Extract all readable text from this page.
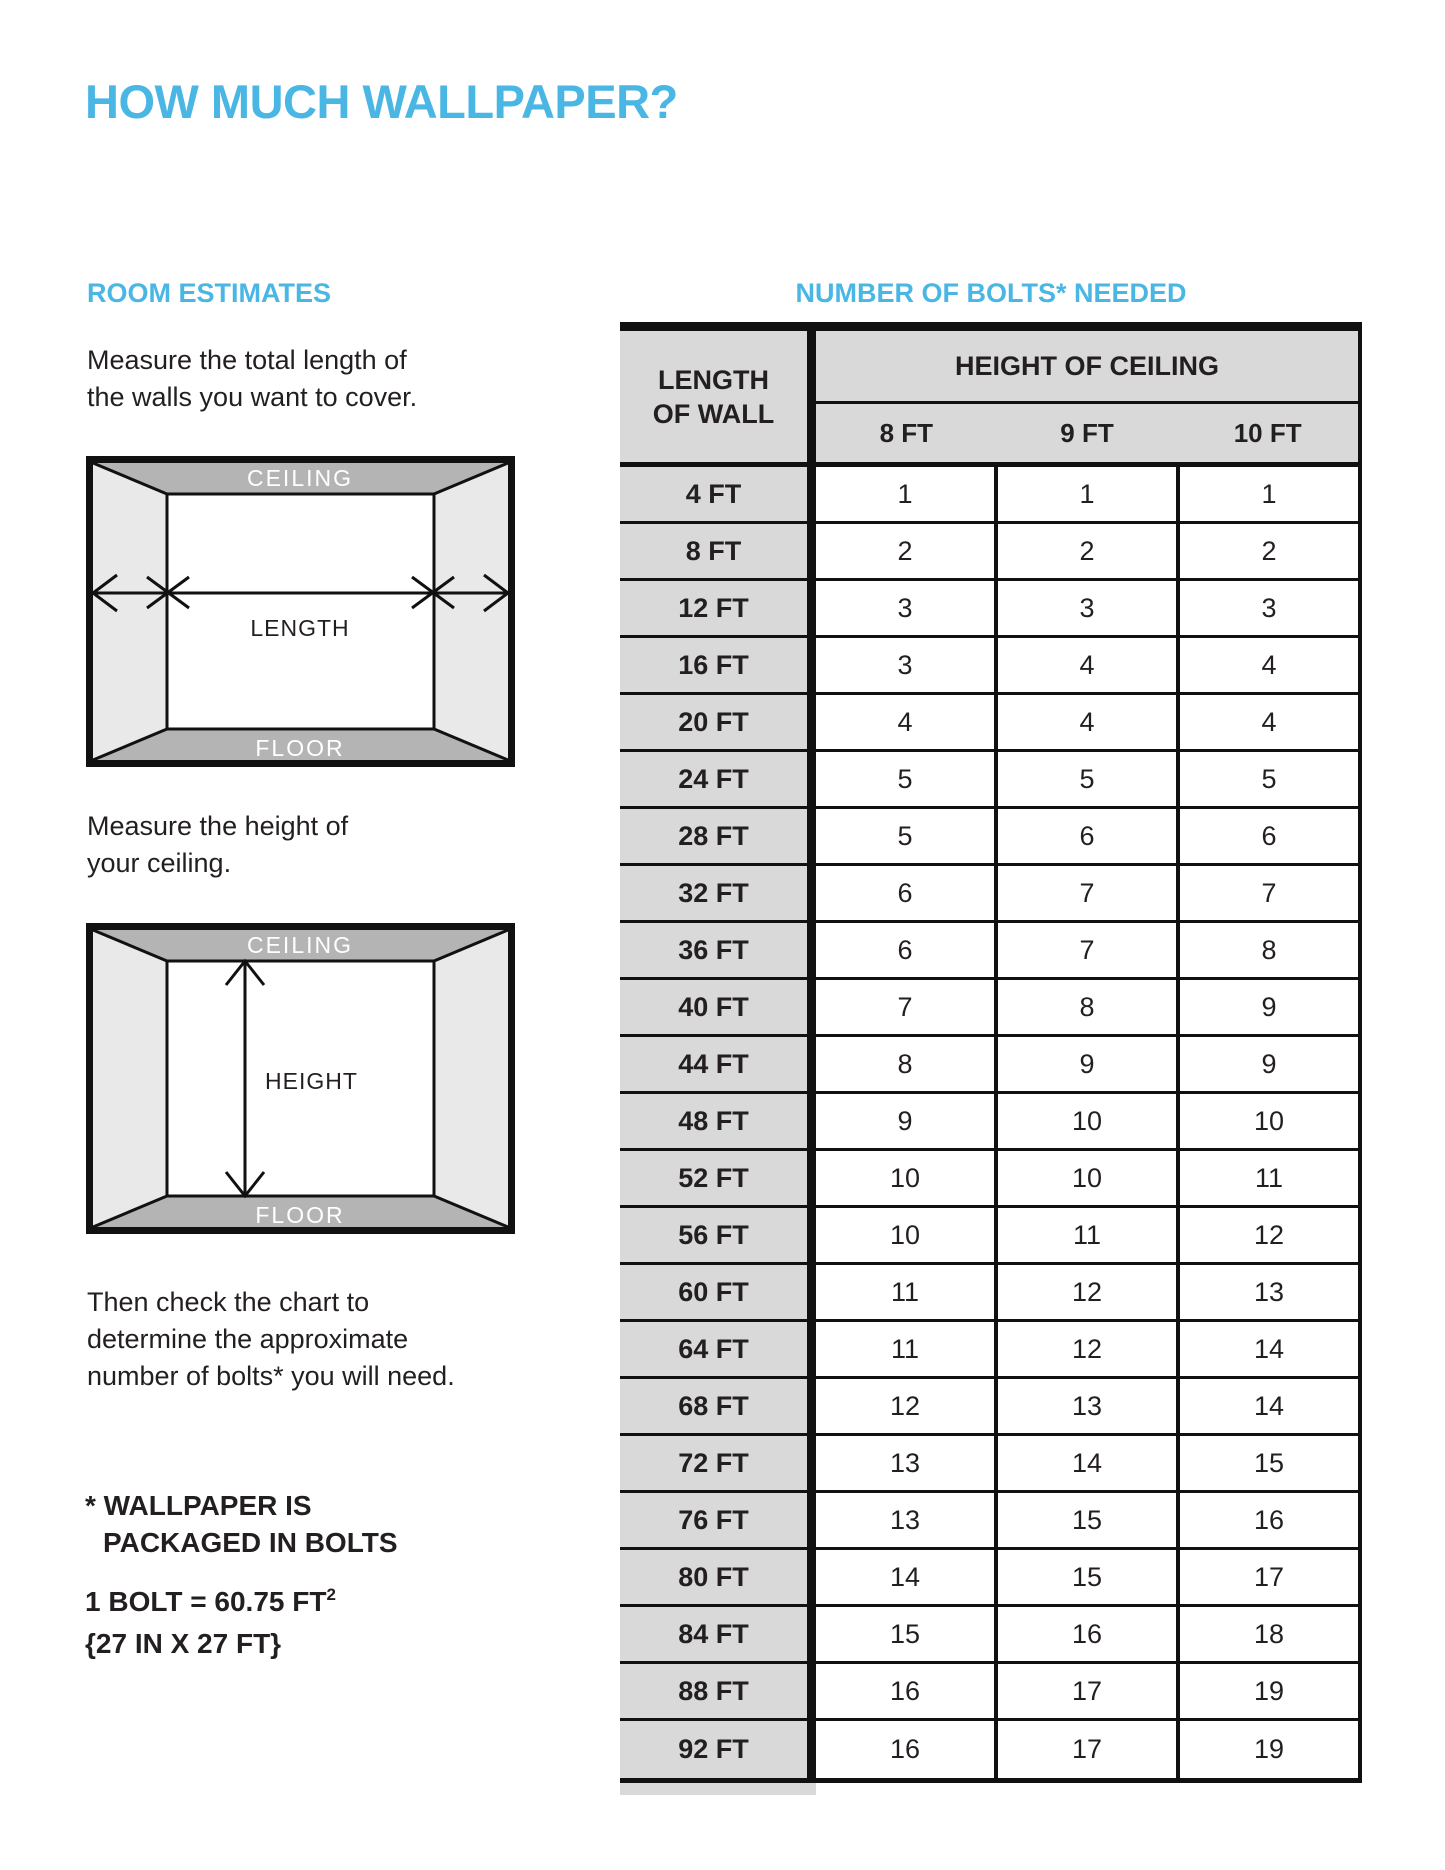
HOW MUCH WALLPAPER?
ROOM ESTIMATES	NUMBER OF BOLTS* NEEDED
Measure the total length of
the walls you want to cover.
CEILING
FLOOR
LENGTH
Measure the height of
your ceiling.
CEILING
FLOOR
HEIGHT
Then check the chart to
determine the approximate
number of bolts* you will need.
* WALLPAPER IS
PACKAGED IN BOLTS
1 BOLT = 60.75 $FT^2$
{27 IN X 27 FT}
LENGTH
OF WALL
HEIGHT OF CEILING
8 FT	9 FT	10 FT
4 FT	1	1	1
8 FT	2	2	2
12 FT	3	3	3
16 FT	3	4	4
20 FT	4	4	4
24 FT	5	5	5
28 FT	5	6	6
32 FT	6	7	7
36 FT	6	7	8
40 FT	7	8	9
44 FT	8	9	9
48 FT	9	10	10
52 FT	10	10	11
56 FT	10	11	12
60 FT	11	12	13
64 FT	11	12	14
68 FT	12	13	14
72 FT	13	14	15
76 FT	13	15	16
80 FT	14	15	17
84 FT	15	16	18
88 FT	16	17	19
92 FT	16	17	19
